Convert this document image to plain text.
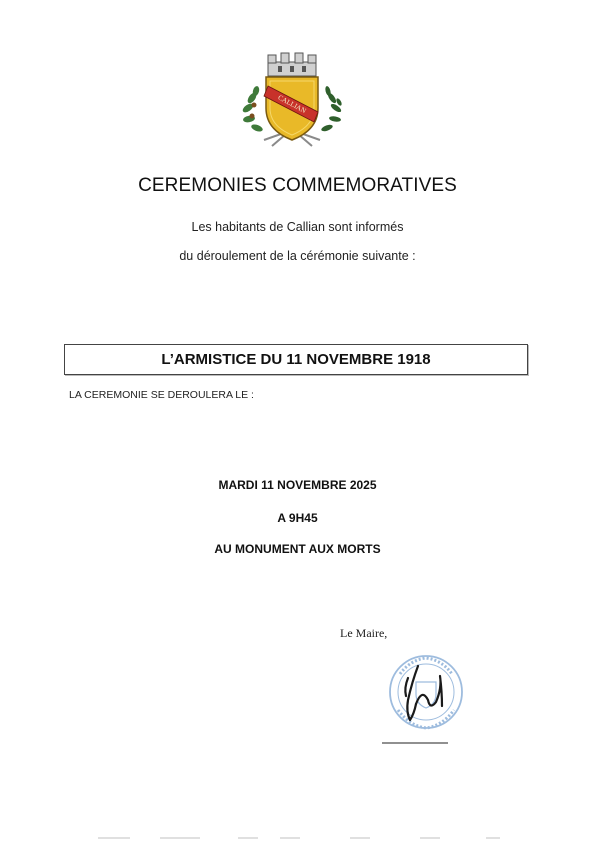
CALLIAN
CEREMONIES COMMEMORATIVES
Les habitants de Callian sont informés
du déroulement de la cérémonie suivante :
L’ARMISTICE DU 11 NOVEMBRE 1918
LA CEREMONIE SE DEROULERA LE :
MARDI 11 NOVEMBRE 2025
A 9H45
AU MONUMENT AUX MORTS
Le Maire,
